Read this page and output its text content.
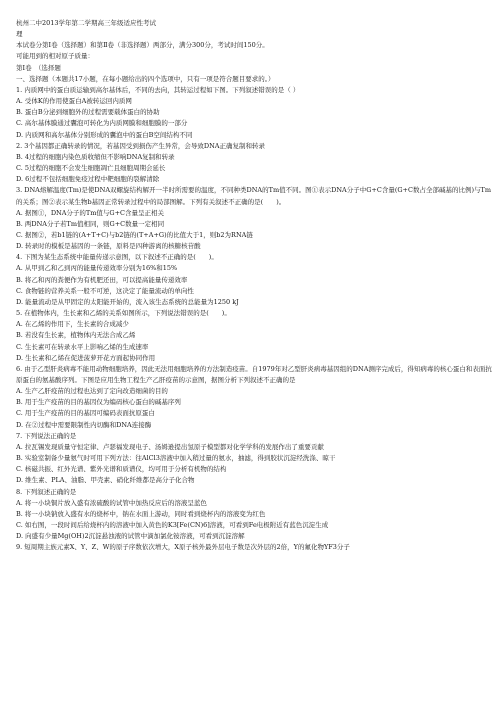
杭州二中2013学年第二学期高三年级适应性考试
理
本试卷分第Ⅰ卷（选择题）和第Ⅱ卷（非选择题）两部分，满分300分，考试时间150分。
可能用到的相对原子质量：
第Ⅰ卷　（选择题
一、选择题（本题共17小题，在每小题给出的四个选项中，只有一项是符合题目要求的。）
1. 内质网中的蛋白质运输到高尔基体后，不同的去向，其转运过程如下图。下列叙述错误的是（ ）
A. 受体K的作用使蛋白A被转运回内质网
B. 蛋白B分泌到细胞外的过程需要载体蛋白的协助
C. 高尔基体膜通过囊泡可转化为内质网膜和细胞膜的一部分
D. 内质网和高尔基体分别形成的囊泡中的蛋白B空间结构不同
2. 3个基因都正确转录的情况，若基因受到损伤产生异常，会导致DNA正确复制和转录
B. 4过程的细胞内染色质收缩但不影响DNA复制和转录
C. 5过程的细胞不会发生细胞凋亡且细胞周期会延长
D. 6过程不包括细胞免疫过程中靶细胞的裂解清除
3. DNA熔解温度(Tm)是使DNA双螺旋结构解开一半时所需要的温度，不同种类DNA的Tm值不同。图①表示DNA分子中G+C含量(G+C数占全部碱基的比例)与Tm的关系；图②表示某生物b基因正常转录过程中的局部图解。下列有关叙述不正确的是(　　)。
A. 据图①，DNA分子的Tm值与G+C含量呈正相关
B. 两DNA分子若Tm值相同，则G+C数量一定相同
C. 据图②，若b1链的(A+T+C)与b2链的(T+A+G)的比值大于1，则b2为RNA链
D. 转录时的模板是基因的一条链，原料是四种游离的核糖核苷酸
4. 下图为某生态系统中能量传递示意图，以下叙述不正确的是(　　)。
A. 从甲到乙和乙到丙的能量传递效率分别为16%和15%
B. 将乙和丙的粪便作为有机肥还田，可以提高能量传递效率
C. 食物链的营养关系一般不可逆，这决定了能量流动的单向性
D. 能量流动是从甲固定的太阳能开始的，流入该生态系统的总能量为1250 kJ
5. 在植物体内，生长素和乙烯的关系如图所示，下列说法错误的是(　　)。
A. 在乙烯的作用下，生长素的合成减少
B. 若没有生长素，植物体内无法合成乙烯
C. 生长素可在转录水平上影响乙烯的生成速率
D. 生长素和乙烯在促进菠萝开花方面起协同作用
6. 由于乙型肝炎病毒不能用动物细胞培养，因此无法用细胞培养的方法制造疫苗。自1979年对乙型肝炎病毒基因组的DNA测序完成后，得知病毒的核心蛋白和表面抗原蛋白的氨基酸序列。下图是应用生物工程生产乙肝疫苗的示意图，据图分析下列叙述不正确的是
A. 生产乙肝疫苗的过程也达到了定向改造细菌的目的
B. 用于生产疫苗的目的基因仅为编码核心蛋白的碱基序列
C. 用于生产疫苗的目的基因可编码表面抗原蛋白
D. 在②过程中需要限制性内切酶和DNA连接酶
7. 下列说法正确的是
A. 拉瓦锡发现质量守恒定律、卢瑟福发现电子、汤姆逊提出氢原子模型都对化学学科的发展作出了重要贡献
B. 实验室制备少量氨气时可用下列方法：往AlCl3溶液中加入稍过量的氨水，抽滤，得到胶状沉淀经洗涤、晾干
C. 核磁共振、红外光谱、紫外光谱和质谱仪，均可用于分析有机物的结构
D. 维生素、PLA、油脂、甲壳素、硝化纤维都是高分子化合物
8. 下列叙述正确的是
A. 将一小块铜片放入盛有浓硫酸的试管中加热反应后的溶液呈蓝色
B. 将一小块钠放入盛有水的烧杯中，钠在水面上游动，同时看到烧杯内的溶液变为红色
C. 如右图，一段时间后给烧杯内的溶液中加入黄色的K3[Fe(CN)6]溶液，可看到Fe电极附近有蓝色沉淀生成
D. 向盛有少量Mg(OH)2沉淀悬浊液的试管中滴加氯化铵溶液，可看到沉淀溶解
9. 短周期主族元素X、Y、Z、W的原子序数依次增大，X原子核外最外层电子数是次外层的2倍，Y的氟化物YF3分子
